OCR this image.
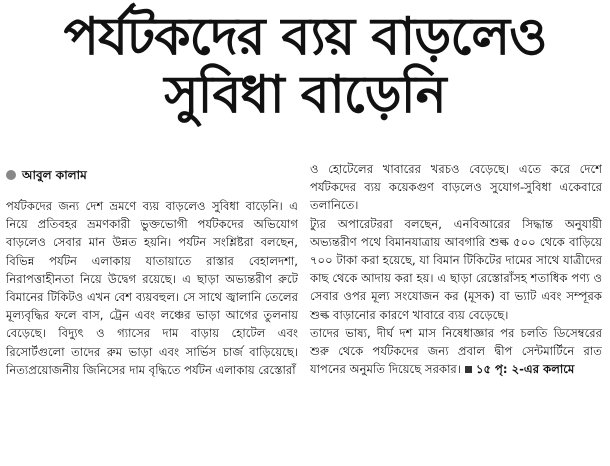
পর্যটকদের ব্যয় বাড়লেও
সুবিধা বাড়েনি
আবুল কালাম

পর্যটকদের জন্য দেশ ভ্রমণে ব্যয় বাড়লেও সুবিধা বাড়েনি। এ নিয়ে প্রতিবহর ভ্রমণকারী ভুক্তভোগী পর্যটকদের অভিযোগ বাড়লেও সেবার মান উন্নত হয়নি। পর্যটন সংশ্লিষ্টরা বলছেন, বিভিন্ন পর্যটন এলাকায় যাতায়াতে রাস্তার বেহালদশা, নিরাপত্তাহীনতা নিয়ে উদ্বেগ রয়েছে। এ ছাড়া অভ্যন্তরীণ রুটে বিমানের টিকিটও এখন বেশ ব্যয়বহুল। সে সাথে জ্বালানি তেলের মূল্যবৃদ্ধির ফলে বাস, ট্রেন এবং লঞ্চের ভাড়া আগের তুলনায় বেড়েছে। বিদ্যুৎ ও গ্যাসের দাম বাড়ায় হোটেল এবং রিসোর্টগুলো তাদের রুম ভাড়া এবং সার্ভিস চার্জ বাড়িয়েছে। নিত্যপ্রয়োজনীয় জিনিসের দাম বৃদ্ধিতে পর্যটন এলাকায় রেস্তোরাঁ

ও হোটেলের খাবারের খরচও বেড়েছে। এতে করে দেশে পর্যটকদের ব্যয় কয়েকগুণ বাড়লেও সুযোগ-সুবিধা একেবারে তলানিতে।

ট্যুর অপারেটররা বলছেন, এনবিআরের সিদ্ধান্ত অনুযায়ী অভ্যন্তরীণ পথে বিমানযাত্রায় আবগারি শুল্ক ৫০০ থেকে বাড়িয়ে ৭০০ টাকা করা হয়েছে, যা বিমান টিকিটের দামের সাথে যাত্রীদের কাছ থেকে আদায় করা হয়। এ ছাড়া রেস্তোরাঁসহ শতাধিক পণ্য ও সেবার ওপর মূল্য সংযোজন কর (মূসক) বা ভ্যাট এবং সম্পূরক শুল্ক বাড়ানোর কারণে খাবারে ব্যয় বেড়েছে।

তাদের ভাষ্য, দীর্ঘ দশ মাস নিষেধাজ্ঞার পর চলতি ডিসেম্বরের শুরু থেকে পর্যটকদের জন্য প্রবাল দ্বীপ সেন্টমার্টিনে রাত যাপনের অনুমতি দিয়েছে সরকার। ১৫ পৃ: ২-এর কলামে
